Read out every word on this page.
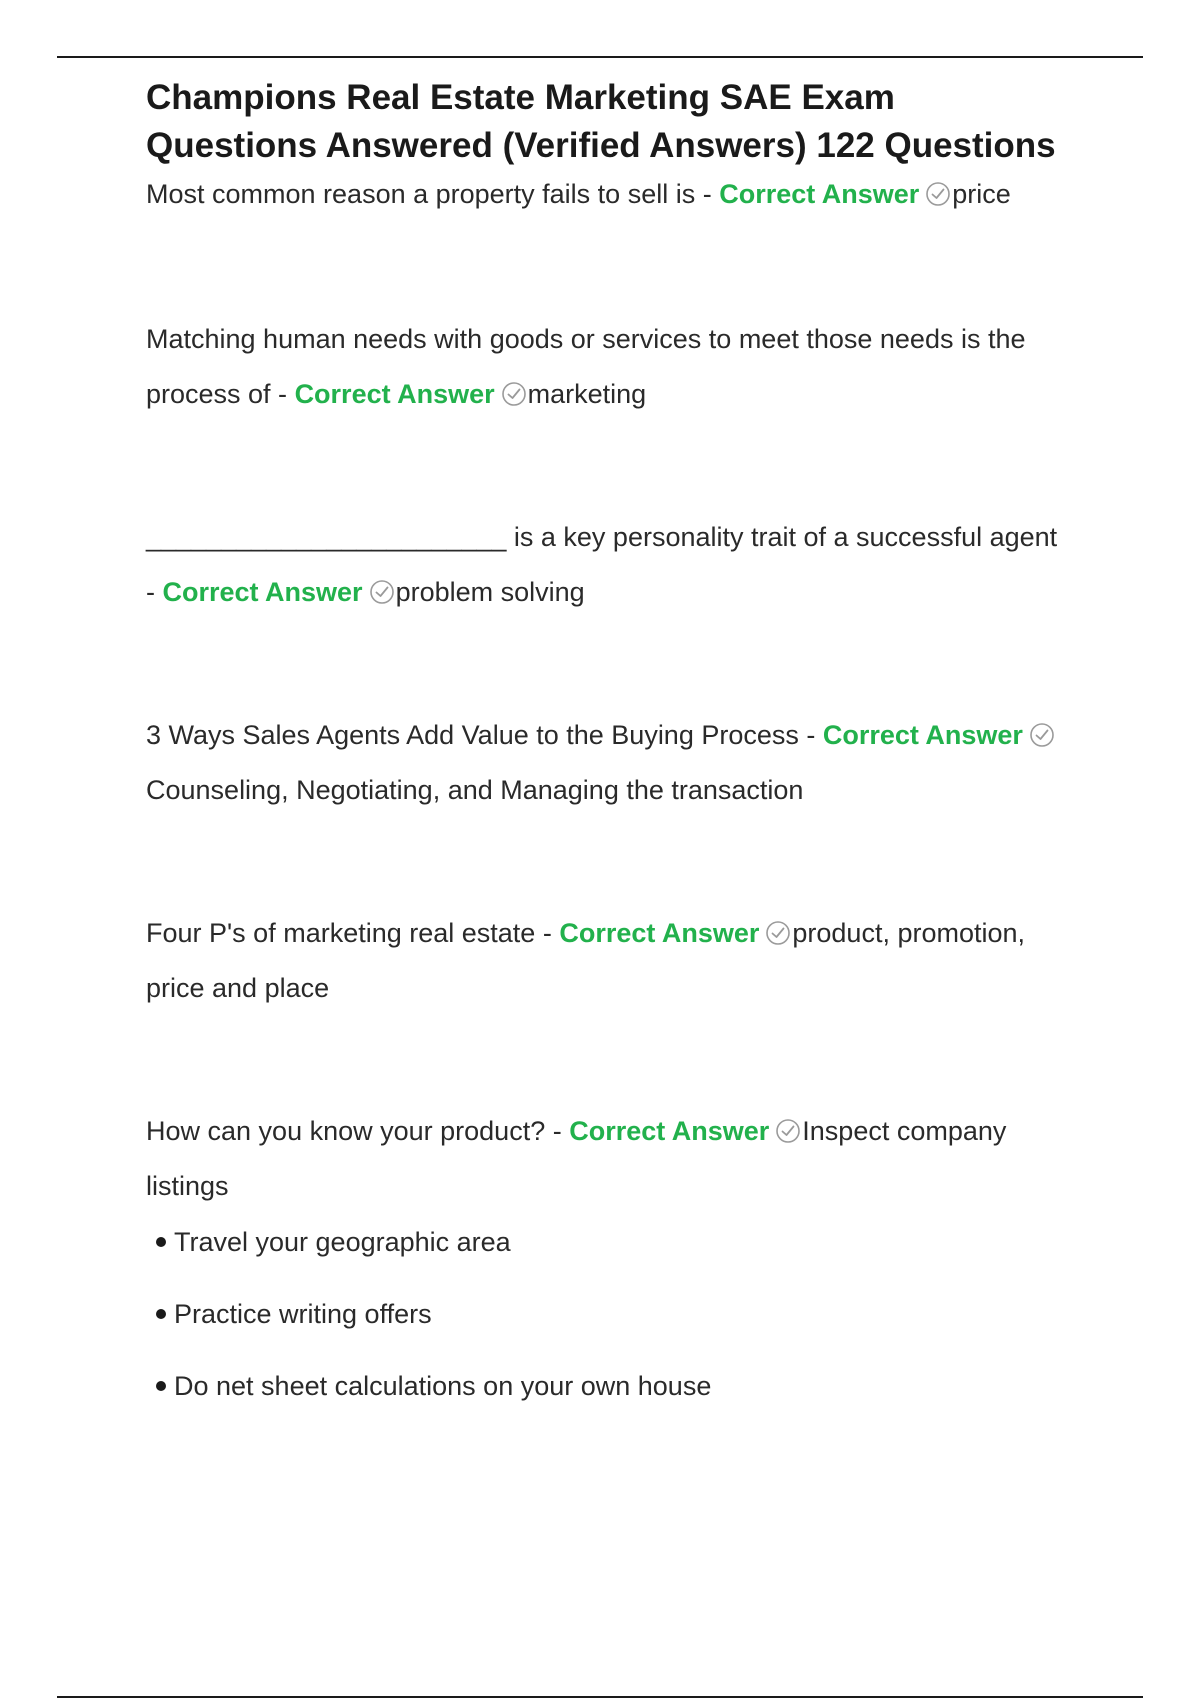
Champions Real Estate Marketing SAE Exam Questions Answered (Verified Answers) 122 Questions

Most common reason a property fails to sell is - Correct Answer price

Matching human needs with goods or services to meet those needs is the process of - Correct Answer marketing

________________________ is a key personality trait of a successful agent - Correct Answer problem solving

3 Ways Sales Agents Add Value to the Buying Process - Correct Answer
Counseling, Negotiating, and Managing the transaction

Four P's of marketing real estate - Correct Answer product, promotion, price and place

How can you know your product? - Correct Answer Inspect company listings

Travel your geographic area
Practice writing offers
Do net sheet calculations on your own house
